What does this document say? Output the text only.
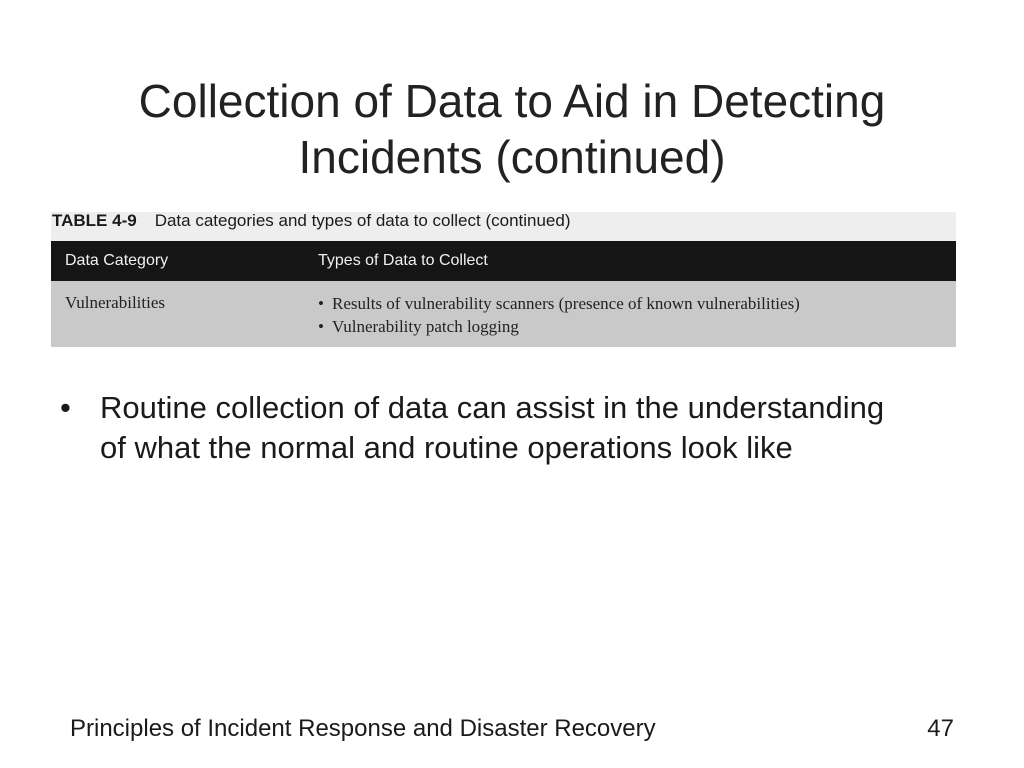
Collection of Data to Aid in Detecting Incidents (continued)
TABLE 4-9 Data categories and types of data to collect (continued)
Data Category	Types of Data to Collect
Vulnerabilities
•	Results of vulnerability scanners (presence of known vulnerabilities)
• Vulnerability patch logging
• Routine collection of data can assist in the understanding of what the normal and routine operations look like
Principles of Incident Response and Disaster Recovery	47
